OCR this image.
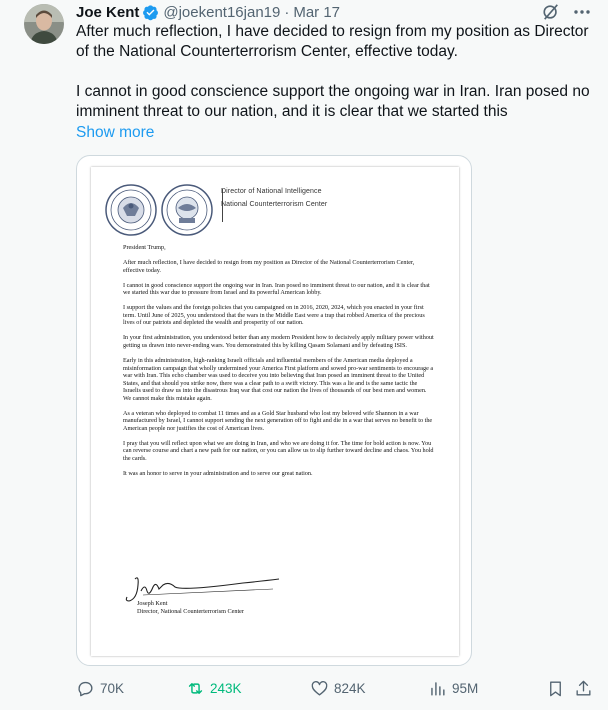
Joe Kent @joekent16jan19 · Mar 17

After much reflection, I have decided to resign from my position as Director of the National Counterterrorism Center, effective today.

I cannot in good conscience support the ongoing war in Iran. Iran posed no imminent threat to our nation, and it is clear that we started this

Show more
Director of National Intelligence
National Counterterrorism Center

President Trump,

After much reflection, I have decided to resign from my position as Director of the National Counterterrorism Center, effective today.

I cannot in good conscience support the ongoing war in Iran. Iran posed no imminent threat to our nation, and it is clear that we started this war due to pressure from Israel and its powerful American lobby.

I support the values and the foreign policies that you campaigned on in 2016, 2020, 2024, which you enacted in your first term. Until June of 2025, you understood that the wars in the Middle East were a trap that robbed America of the precious lives of our patriots and depleted the wealth and prosperity of our nation.

In your first administration, you understood better than any modern President how to decisively apply military power without getting us drawn into never-ending wars. You demonstrated this by killing Qasam Solamani and by defeating ISIS.

Early in this administration, high-ranking Israeli officials and influential members of the American media deployed a misinformation campaign that wholly undermined your America First platform and sowed pro-war sentiments to encourage a war with Iran. This echo chamber was used to deceive you into believing that Iran posed an imminent threat to the United States, and that should you strike now, there was a clear path to a swift victory. This was a lie and is the same tactic the Israelis used to draw us into the disastrous Iraq war that cost our nation the lives of thousands of our best men and women. We cannot make this mistake again.

As a veteran who deployed to combat 11 times and as a Gold Star husband who lost my beloved wife Shannon in a war manufactured by Israel, I cannot support sending the next generation off to fight and die in a war that serves no benefit to the American people nor justifies the cost of American lives.

I pray that you will reflect upon what we are doing in Iran, and who we are doing it for. The time for bold action is now. You can reverse course and chart a new path for our nation, or you can allow us to slip further toward decline and chaos. You hold the cards.

It was an honor to serve in your administration and to serve our great nation.

Joseph Kent
Director, National Counterterrorism Center
70K	243K	824K	95M
